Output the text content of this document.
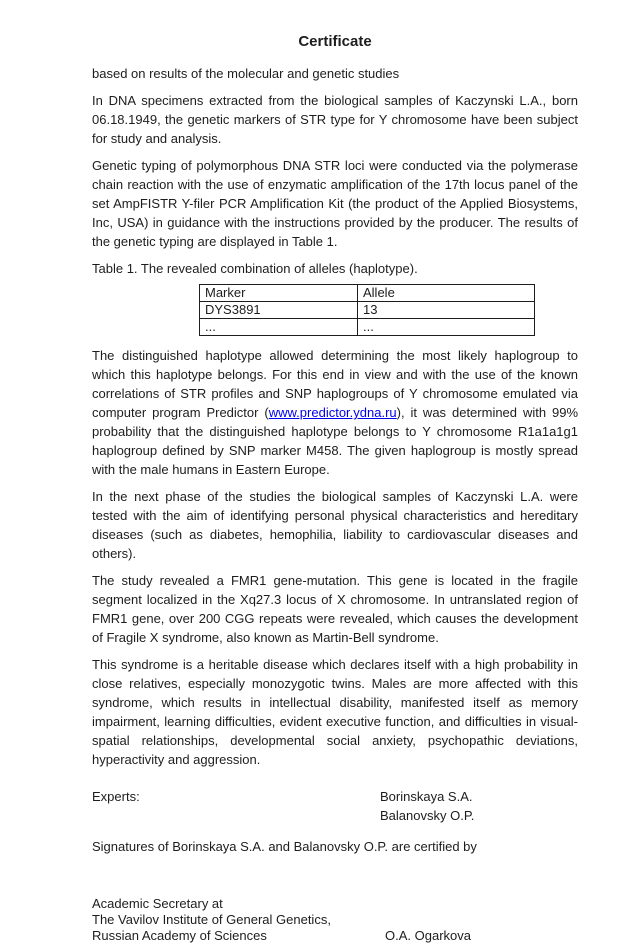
Certificate

based on results of the molecular and genetic studies

In DNA specimens extracted from the biological samples of Kaczynski L.A., born 06.18.1949, the genetic markers of STR type for Y chromosome have been subject for study and analysis.

Genetic typing of polymorphous DNA STR loci were conducted via the polymerase chain reaction with the use of enzymatic amplification of the 17th locus panel of the set AmpFISTR Y-filer PCR Amplification Kit (the product of the Applied Biosystems, Inc, USA) in guidance with the instructions provided by the producer. The results of the genetic typing are displayed in Table 1.

Table 1. The revealed combination of alleles (haplotype).

Marker	Allele
DYS3891	13
...	...

The distinguished haplotype allowed determining the most likely haplogroup to which this haplotype belongs. For this end in view and with the use of the known correlations of STR profiles and SNP haplogroups of Y chromosome emulated via computer program Predictor (www.predictor.ydna.ru), it was determined with 99% probability that the distinguished haplotype belongs to Y chromosome R1a1a1g1 haplogroup defined by SNP marker M458. The given haplogroup is mostly spread with the male humans in Eastern Europe.

In the next phase of the studies the biological samples of Kaczynski L.A. were tested with the aim of identifying personal physical characteristics and hereditary diseases (such as diabetes, hemophilia, liability to cardiovascular diseases and others).

The study revealed a FMR1 gene-mutation. This gene is located in the fragile segment localized in the Xq27.3 locus of X chromosome. In untranslated region of FMR1 gene, over 200 CGG repeats were revealed, which causes the development of Fragile X syndrome, also known as Martin-Bell syndrome.

This syndrome is a heritable disease which declares itself with a high probability in close relatives, especially monozygotic twins. Males are more affected with this syndrome, which results in intellectual disability, manifested itself as memory impairment, learning difficulties, evident executive function, and difficulties in visual-spatial relationships, developmental social anxiety, psychopathic deviations, hyperactivity and aggression.

Experts:	Borinskaya S.A.
Balanovsky O.P.

Signatures of Borinskaya S.A. and Balanovsky O.P. are certified by

Academic Secretary at
The Vavilov Institute of General Genetics,
Russian Academy of Sciences	O.A. Ogarkova
